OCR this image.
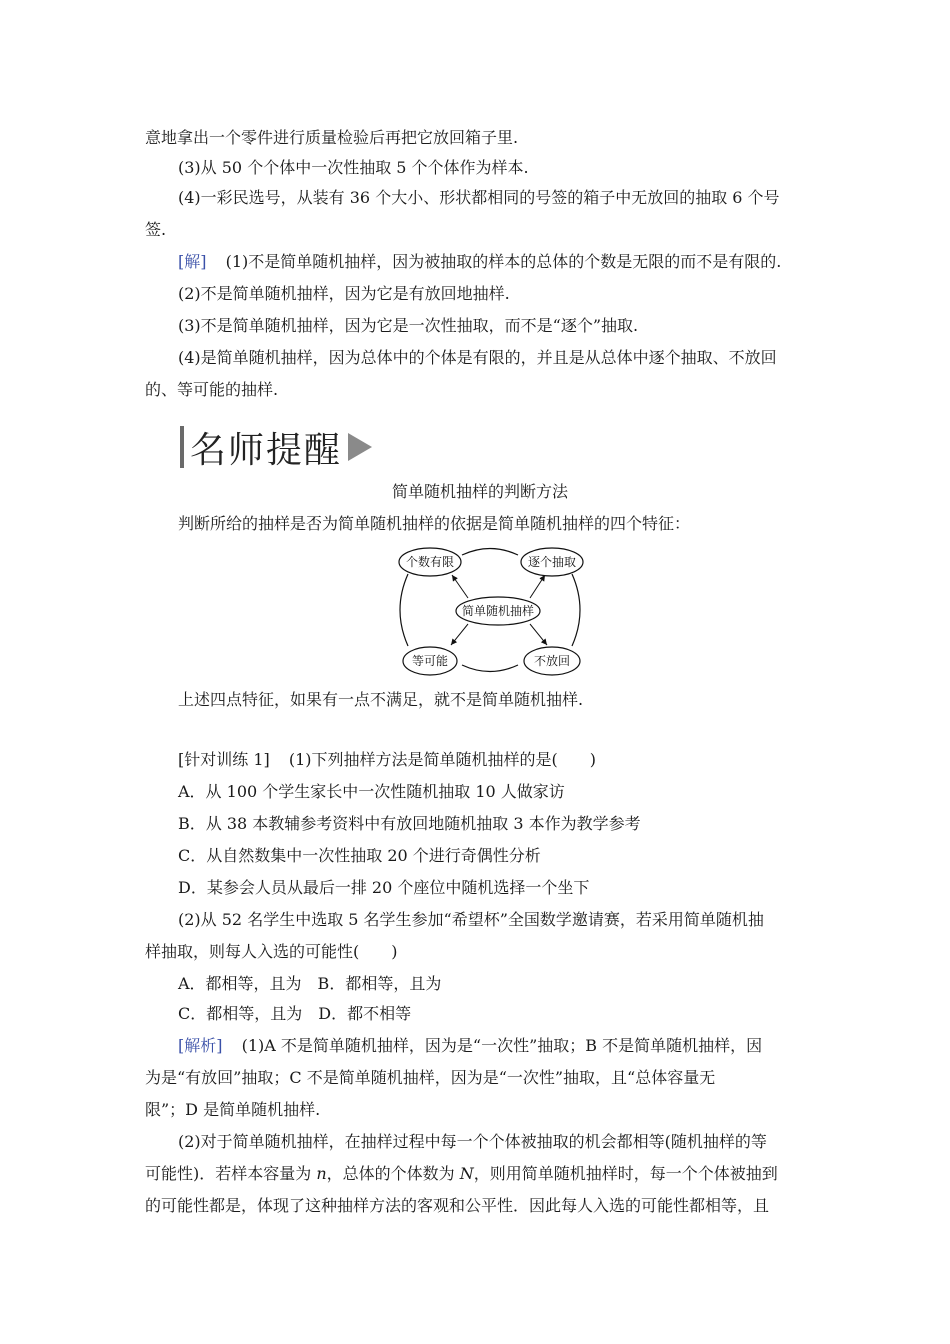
意地拿出一个零件进行质量检验后再把它放回箱子里.
(3)从 50 个个体中一次性抽取 5 个个体作为样本.
(4)一彩民选号，从装有 36 个大小、形状都相同的号签的箱子中无放回的抽取 6 个号
签.
[解] (1)不是简单随机抽样，因为被抽取的样本的总体的个数是无限的而不是有限的.
(2)不是简单随机抽样，因为它是有放回地抽样.
(3)不是简单随机抽样，因为它是一次性抽取，而不是“逐个”抽取.
(4)是简单随机抽样，因为总体中的个体是有限的，并且是从总体中逐个抽取、不放回
的、等可能的抽样.
名师提醒
简单随机抽样的判断方法
判断所给的抽样是否为简单随机抽样的依据是简单随机抽样的四个特征：
个数有限	逐个抽取
简单随机抽样
等可能	不放回
上述四点特征，如果有一点不满足，就不是简单随机抽样.
[针对训练 1] (1)下列抽样方法是简单随机抽样的是(　　)
A．从 100 个学生家长中一次性随机抽取 10 人做家访
B．从 38 本教辅参考资料中有放回地随机抽取 3 本作为教学参考
C．从自然数集中一次性抽取 20 个进行奇偶性分析
D．某参会人员从最后一排 20 个座位中随机选择一个坐下
(2)从 52 名学生中选取 5 名学生参加“希望杯”全国数学邀请赛，若采用简单随机抽
样抽取，则每人入选的可能性(　　)
A．都相等，且为　B．都相等，且为
C．都相等，且为　D．都不相等
[解析] (1)A 不是简单随机抽样，因为是“一次性”抽取；B 不是简单随机抽样，因
为是“有放回”抽取；C 不是简单随机抽样，因为是“一次性”抽取，且“总体容量无
限”；D 是简单随机抽样.
(2)对于简单随机抽样，在抽样过程中每一个个体被抽取的机会都相等(随机抽样的等
可能性)．若样本容量为 n，总体的个体数为 N，则用简单随机抽样时，每一个个体被抽到
的可能性都是，体现了这种抽样方法的客观和公平性．因此每人入选的可能性都相等，且
